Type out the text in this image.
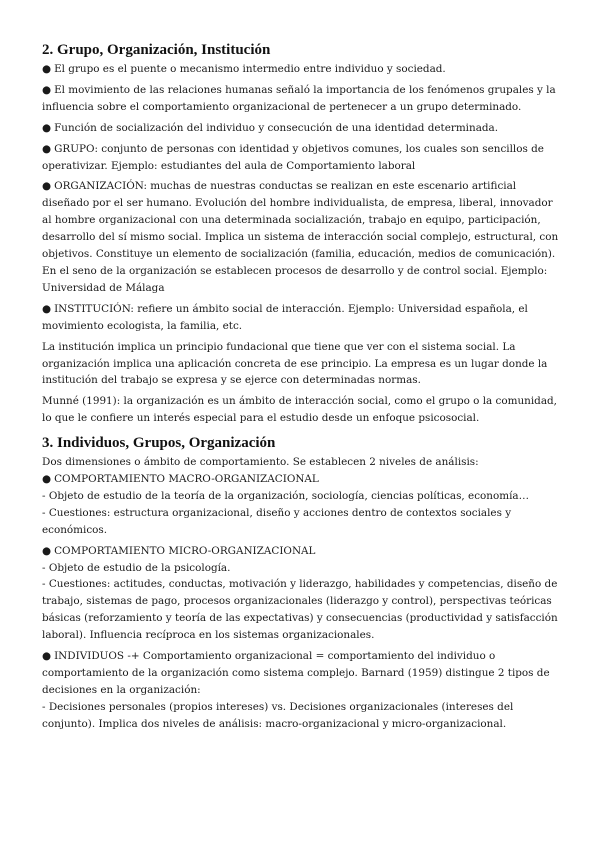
2. Grupo, Organización, Institución

● El grupo es el puente o mecanismo intermedio entre individuo y sociedad.

● El movimiento de las relaciones humanas señaló la importancia de los fenómenos grupales y la influencia sobre el comportamiento organizacional de pertenecer a un grupo determinado.

● Función de socialización del individuo y consecución de una identidad determinada.

● GRUPO: conjunto de personas con identidad y objetivos comunes, los cuales son sencillos de operativizar. Ejemplo: estudiantes del aula de Comportamiento laboral

● ORGANIZACIÓN: muchas de nuestras conductas se realizan en este escenario artificial diseñado por el ser humano. Evolución del hombre individualista, de empresa, liberal, innovador al hombre organizacional con una determinada socialización, trabajo en equipo, participación, desarrollo del sí mismo social. Implica un sistema de interacción social complejo, estructural, con objetivos. Constituye un elemento de socialización (familia, educación, medios de comunicación). En el seno de la organización se establecen procesos de desarrollo y de control social. Ejemplo: Universidad de Málaga

● INSTITUCIÓN: refiere un ámbito social de interacción. Ejemplo: Universidad española, el movimiento ecologista, la familia, etc.

La institución implica un principio fundacional que tiene que ver con el sistema social. La organización implica una aplicación concreta de ese principio. La empresa es un lugar donde la institución del trabajo se expresa y se ejerce con determinadas normas.

Munné (1991): la organización es un ámbito de interacción social, como el grupo o la comunidad, lo que le confiere un interés especial para el estudio desde un enfoque psicosocial.

3. Individuos, Grupos, Organización

Dos dimensiones o ámbito de comportamiento. Se establecen 2 niveles de análisis:

● COMPORTAMIENTO MACRO-ORGANIZACIONAL

- Objeto de estudio de la teoría de la organización, sociología, ciencias políticas, economía…

- Cuestiones: estructura organizacional, diseño y acciones dentro de contextos sociales y económicos.

● COMPORTAMIENTO MICRO-ORGANIZACIONAL

- Objeto de estudio de la psicología.

- Cuestiones: actitudes, conductas, motivación y liderazgo, habilidades y competencias, diseño de trabajo, sistemas de pago, procesos organizacionales (liderazgo y control), perspectivas teóricas básicas (reforzamiento y teoría de las expectativas) y consecuencias (productividad y satisfacción laboral). Influencia recíproca en los sistemas organizacionales.

● INDIVIDUOS -+ Comportamiento organizacional = comportamiento del individuo o comportamiento de la organización como sistema complejo. Barnard (1959) distingue 2 tipos de decisiones en la organización:

- Decisiones personales (propios intereses) vs. Decisiones organizacionales (intereses del conjunto). Implica dos niveles de análisis: macro-organizacional y micro-organizacional.
